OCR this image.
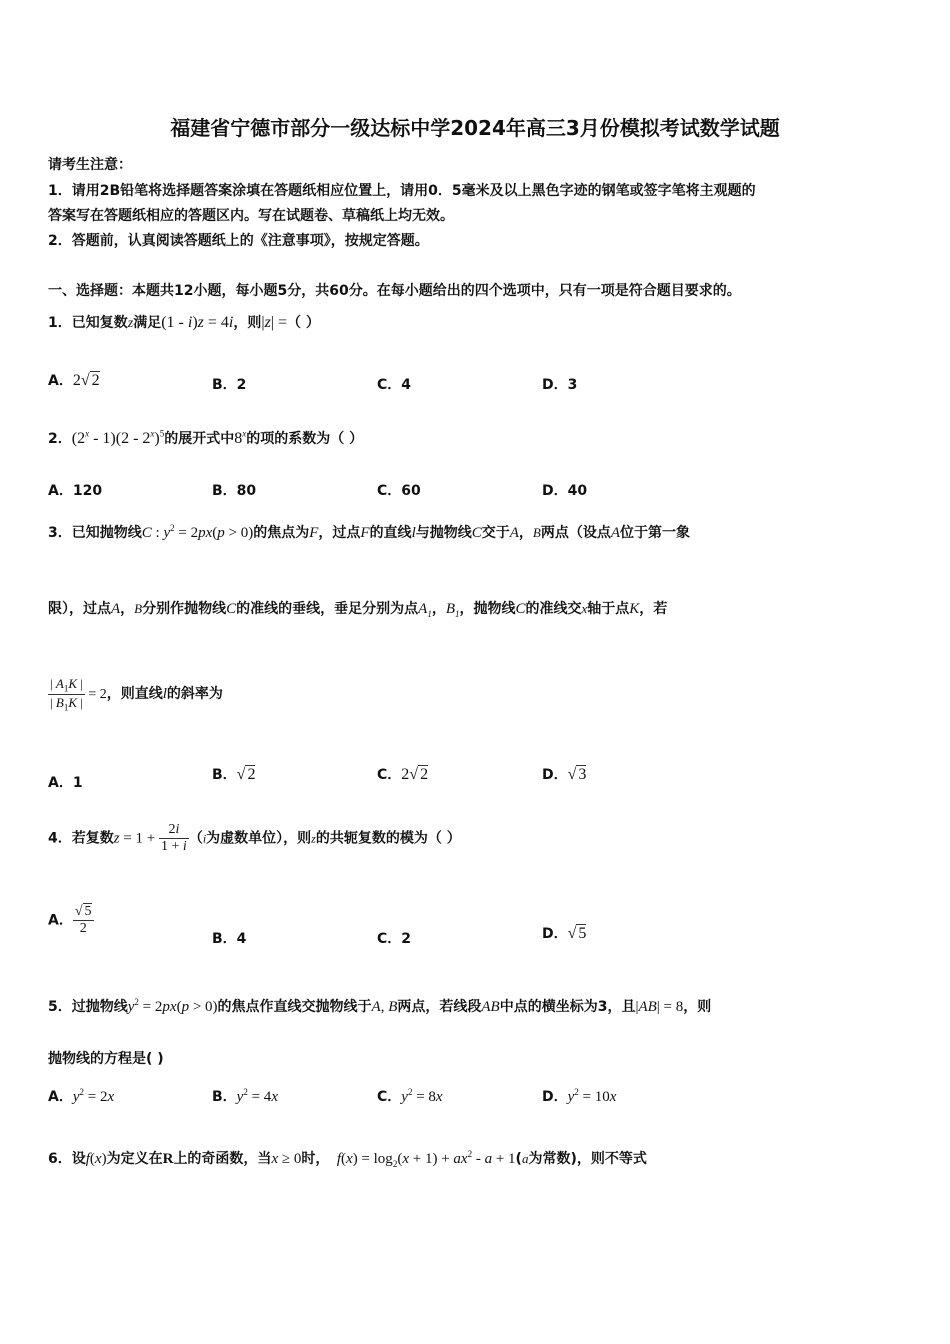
福建省宁德市部分一级达标中学2024年高三3月份模拟考试数学试题
请考生注意：
1．请用2B铅笔将选择题答案涂填在答题纸相应位置上，请用0．5毫米及以上黑色字迹的钢笔或签字笔将主观题的
答案写在答题纸相应的答题区内。写在试题卷、草稿纸上均无效。
2．答题前，认真阅读答题纸上的《注意事项》，按规定答题。
一、选择题：本题共12小题，每小题5分，共60分。在每小题给出的四个选项中，只有一项是符合题目要求的。
1．已知复数z满足(1 - i)z = 4i，则|z| =（ ）
A．2√ 2	B．2	C．4	D．3
2．(2$^x$ - 1)(2 - 2$^x$)$^5$的展开式中8$^x$的项的系数为（ ）
A．120	B．80	C．60	D．40
3．已知抛物线C : $y^2 = 2px(p > 0)$的焦点为F，过点F的直线l与抛物线C交于A，B两点（设点A位于第一象
限），过点A，B分别作抛物线C的准线的垂线，垂足分别为点$A_1$，$B_1$，抛物线C的准线交x轴于点K，若
$\frac{| A_1K |}{| B_1K |} = 2$，则直线l的斜率为
A．1	B．√ 2	C．2√ 2	D．√ 3
4．若复数$z = 1 + \frac{2i}{1 + i} (i$为虚数单位），则z的共轭复数的模为（ ）
A． $\frac{√ 5}{2}$
B．4	C．2	D．√ 5
5．过抛物线$y^2 = 2px(p > 0)$的焦点作直线交抛物线于A, B两点，若线段AB中点的横坐标为3，且|AB| = 8，则
抛物线的方程是( )
A．$y^2 = 2x$	B．$y^2 = 4x$	C．$y^2 = 8x$	D．$y^2 = 10x$
6．设f(x)为定义在R上的奇函数，当x ≥ 0时， $f(x) = \log_2(x + 1) + ax^2 - a + 1(a$为常数)，则不等式
